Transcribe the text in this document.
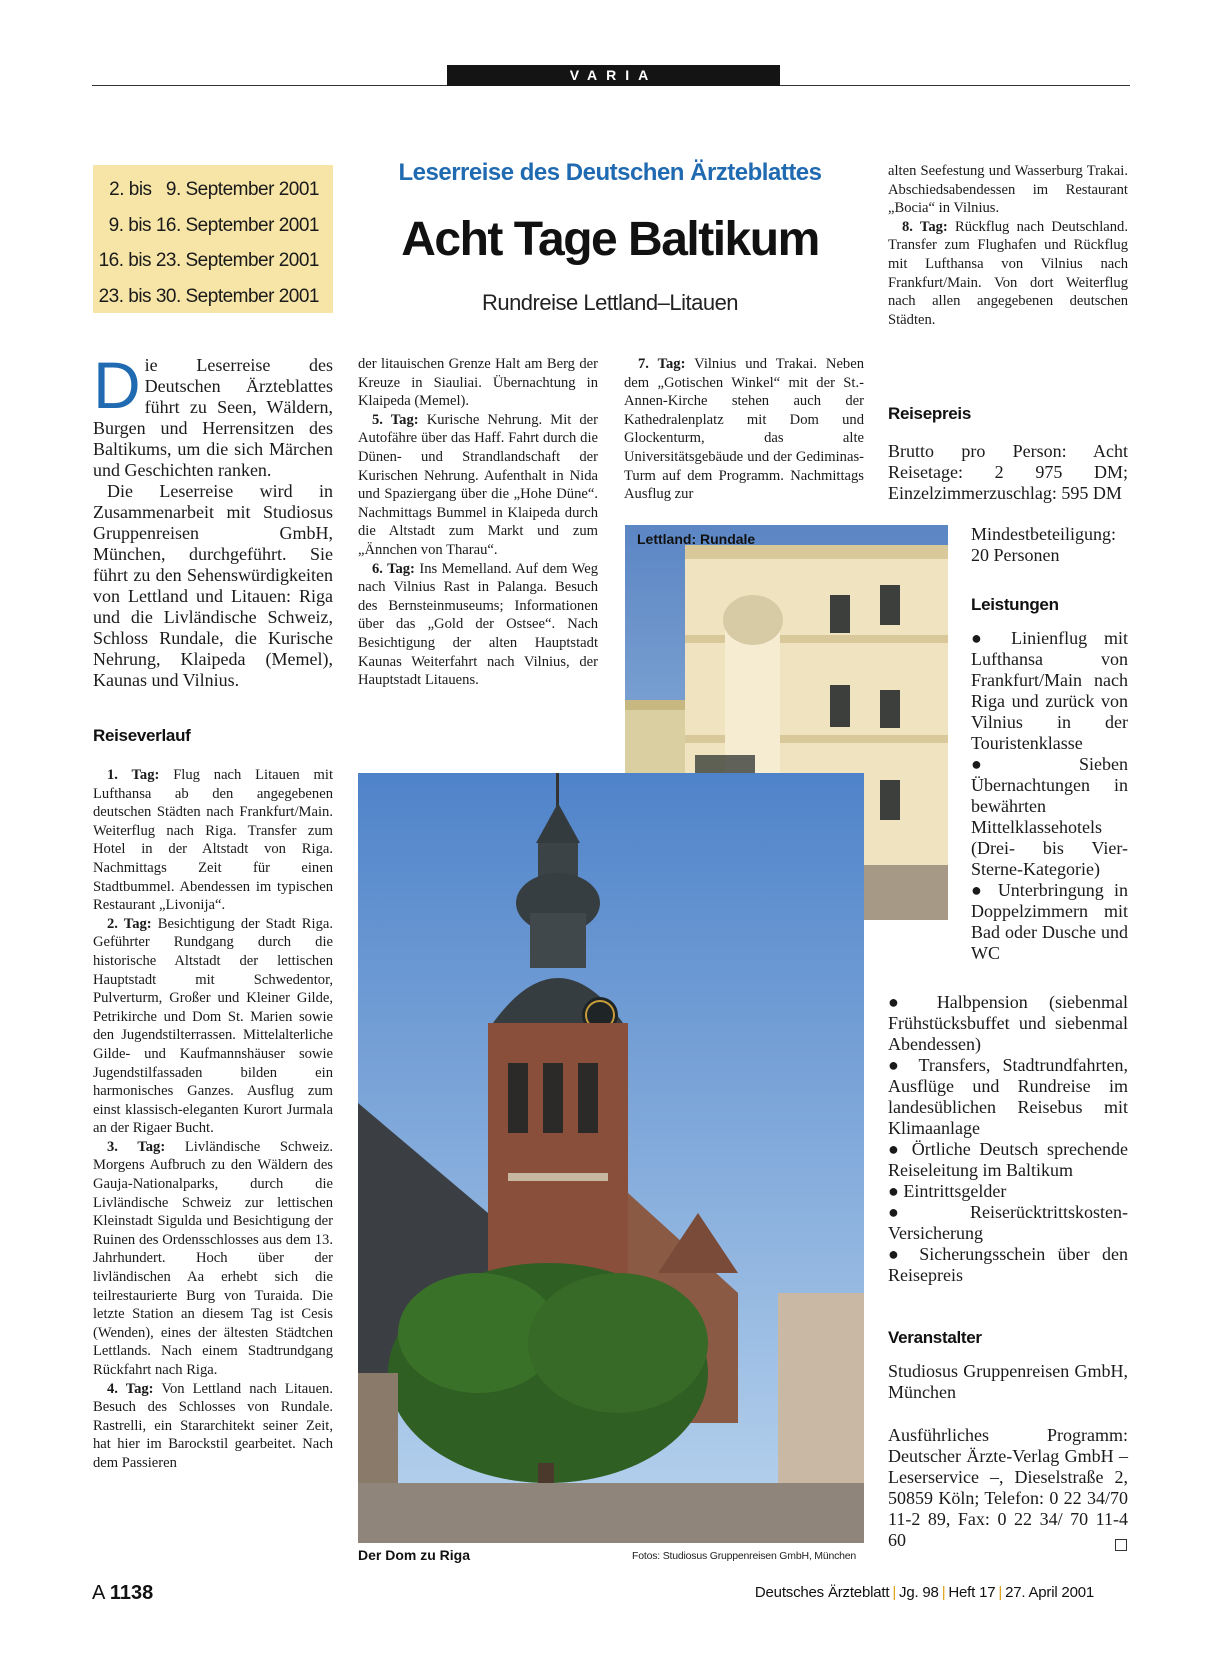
VARIA
2. bis   9. September 2001
9. bis 16. September 2001
16. bis 23. September 2001
23. bis 30. September 2001
Leserreise des Deutschen Ärzteblattes
Acht Tage Baltikum
Rundreise Lettland–Litauen
D ie Leserreise des Deutschen Ärzteblattes führt zu Seen, Wäldern, Burgen und Herrensitzen des Baltikums, um die sich Märchen und Geschichten ranken.

Die Leserreise wird in Zusammenarbeit mit Studiosus Gruppenreisen GmbH, München, durchgeführt. Sie führt zu den Sehenswürdigkeiten von Lettland und Litauen: Riga und die Livländische Schweiz, Schloss Rundale, die Kurische Nehrung, Klaipeda (Memel), Kaunas und Vilnius.

Reiseverlauf

1. Tag: Flug nach Litauen mit Lufthansa ab den angegebenen deutschen Städten nach Frankfurt/Main. Weiterflug nach Riga. Transfer zum Hotel in der Altstadt von Riga. Nachmittags Zeit für einen Stadtbummel. Abendessen im typischen Restaurant „Livonija“.

2. Tag: Besichtigung der Stadt Riga. Geführter Rundgang durch die historische Altstadt der lettischen Hauptstadt mit Schwedentor, Pulverturm, Großer und Kleiner Gilde, Petrikirche und Dom St. Marien sowie den Jugendstilterrassen. Mittelalterliche Gilde- und Kaufmannshäuser sowie Jugendstilfassaden bilden ein harmonisches Ganzes. Ausflug zum einst klassisch-eleganten Kurort Jurmala an der Rigaer Bucht.

3. Tag: Livländische Schweiz. Morgens Aufbruch zu den Wäldern des Gauja-Nationalparks, durch die Livländische Schweiz zur lettischen Kleinstadt Sigulda und Besichtigung der Ruinen des Ordensschlosses aus dem 13. Jahrhundert. Hoch über der livländischen Aa erhebt sich die teilrestaurierte Burg von Turaida. Die letzte Station an diesem Tag ist Cesis (Wenden), eines der ältesten Städtchen Lettlands. Nach einem Stadtrundgang Rückfahrt nach Riga.

4. Tag: Von Lettland nach Litauen. Besuch des Schlosses von Rundale. Rastrelli, ein Stararchitekt seiner Zeit, hat hier im Barockstil gearbeitet. Nach dem Passieren

der litauischen Grenze Halt am Berg der Kreuze in Siauliai. Übernachtung in Klaipeda (Memel).

5. Tag: Kurische Nehrung. Mit der Autofähre über das Haff. Fahrt durch die Dünen- und Strandlandschaft der Kurischen Nehrung. Aufenthalt in Nida und Spaziergang über die „Hohe Düne“. Nachmittags Bummel in Klaipeda durch die Altstadt zum Markt und zum „Ännchen von Tharau“.

6. Tag: Ins Memelland. Auf dem Weg nach Vilnius Rast in Palanga. Besuch des Bernsteinmuseums; Informationen über das „Gold der Ostsee“. Nach Besichtigung der alten Hauptstadt Kaunas Weiterfahrt nach Vilnius, der Hauptstadt Litauens.

7. Tag: Vilnius und Trakai. Neben dem „Gotischen Winkel“ mit der St.-Annen-Kirche stehen auch der Kathedralenplatz mit Dom und Glockenturm, das alte Universitätsgebäude und der Gediminas-Turm auf dem Programm. Nachmittags Ausflug zur

alten Seefestung und Wasserburg Trakai. Abschiedsabendessen im Restaurant „Bocia“ in Vilnius.

8. Tag: Rückflug nach Deutschland. Transfer zum Flughafen und Rückflug mit Lufthansa von Vilnius nach Frankfurt/Main. Von dort Weiterflug nach allen angegebenen deutschen Städten.

Reisepreis
Brutto pro Person: Acht Reisetage: 2 975 DM; Einzelzimmerzuschlag: 595 DM
Mindestbeteiligung: 20 Personen
Leistungen

● Linienflug mit Lufthansa von Frankfurt/Main nach Riga und zurück von Vilnius in der Touristenklasse

●	Sieben Übernachtungen in bewährten Mittelklassehotels (Drei- bis Vier-Sterne-Kategorie)

● Unterbringung in Doppelzimmern mit Bad oder Dusche und WC

● Halbpension (siebenmal Frühstücksbuffet und siebenmal Abendessen)

● Transfers, Stadtrundfahrten, Ausflüge und Rundreise im landesüblichen Reisebus mit Klimaanlage

● Örtliche Deutsch sprechende Reiseleitung im Baltikum

● Eintrittsgelder

● Reiserücktrittskosten-Versicherung

● Sicherungsschein über den Reisepreis

Veranstalter
Studiosus Gruppenreisen GmbH, München
Ausführliches Programm: Deutscher Ärzte-Verlag GmbH – Leserservice –, Dieselstraße 2, 50859 Köln; Telefon: 0 22 34/70 11-2 89, Fax: 0 22 34/ 70 11-4 60
Lettland: Rundale
Der Dom zu Riga	Fotos: Studiosus Gruppenreisen GmbH, München
A 1138	Deutsches Ärzteblatt | Jg. 98 | Heft 17 | 27. April 2001
